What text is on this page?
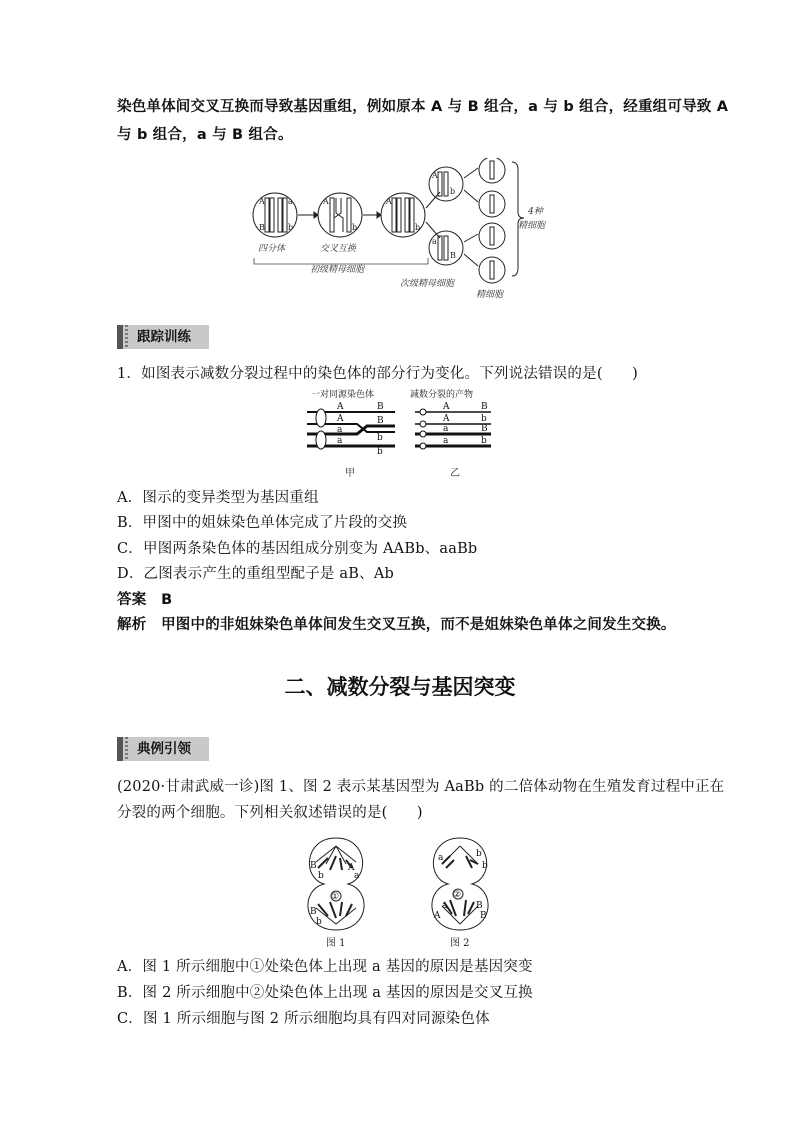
染色单体间交叉互换而导致基因重组，例如原本 A 与 B 组合，a 与 b 组合，经重组可导致 A
与 b 组合，a 与 B 组合。
A
B
a
b
A
b
A
b
A
b
a
B
四分体	交叉互换
初级精母细胞
次级精母细胞
4种
精细胞
精细胞
跟踪训练
1．如图表示减数分裂过程中的染色体的部分行为变化。下列说法错误的是(　　)
一对同源染色体	减数分裂的产物
A	B
A
b
a
B
a
b
A	B
A	b
a	B
a	b
甲	乙
A．图示的变异类型为基因重组
B．甲图中的姐妹染色单体完成了片段的交换
C．甲图两条染色体的基因组成分别变为 AABb、aaBb
D．乙图表示产生的重组型配子是 aB、Ab
答案　B
解析　甲图中的非姐妹染色单体间发生交叉互换，而不是姐妹染色单体之间发生交换。
二、减数分裂与基因突变
典例引领
(2020·甘肃武威一诊)图 1、图 2 表示某基因型为 AaBb 的二倍体动物在生殖发育过程中正在
分裂的两个细胞。下列相关叙述错误的是(　　)
B
b
A
a
①
B
b
a	b
b
②
a
A
B
B
图 1	图 2
A．图 1 所示细胞中①处染色体上出现 a 基因的原因是基因突变
B．图 2 所示细胞中②处染色体上出现 a 基因的原因是交叉互换
C．图 1 所示细胞与图 2 所示细胞均具有四对同源染色体
